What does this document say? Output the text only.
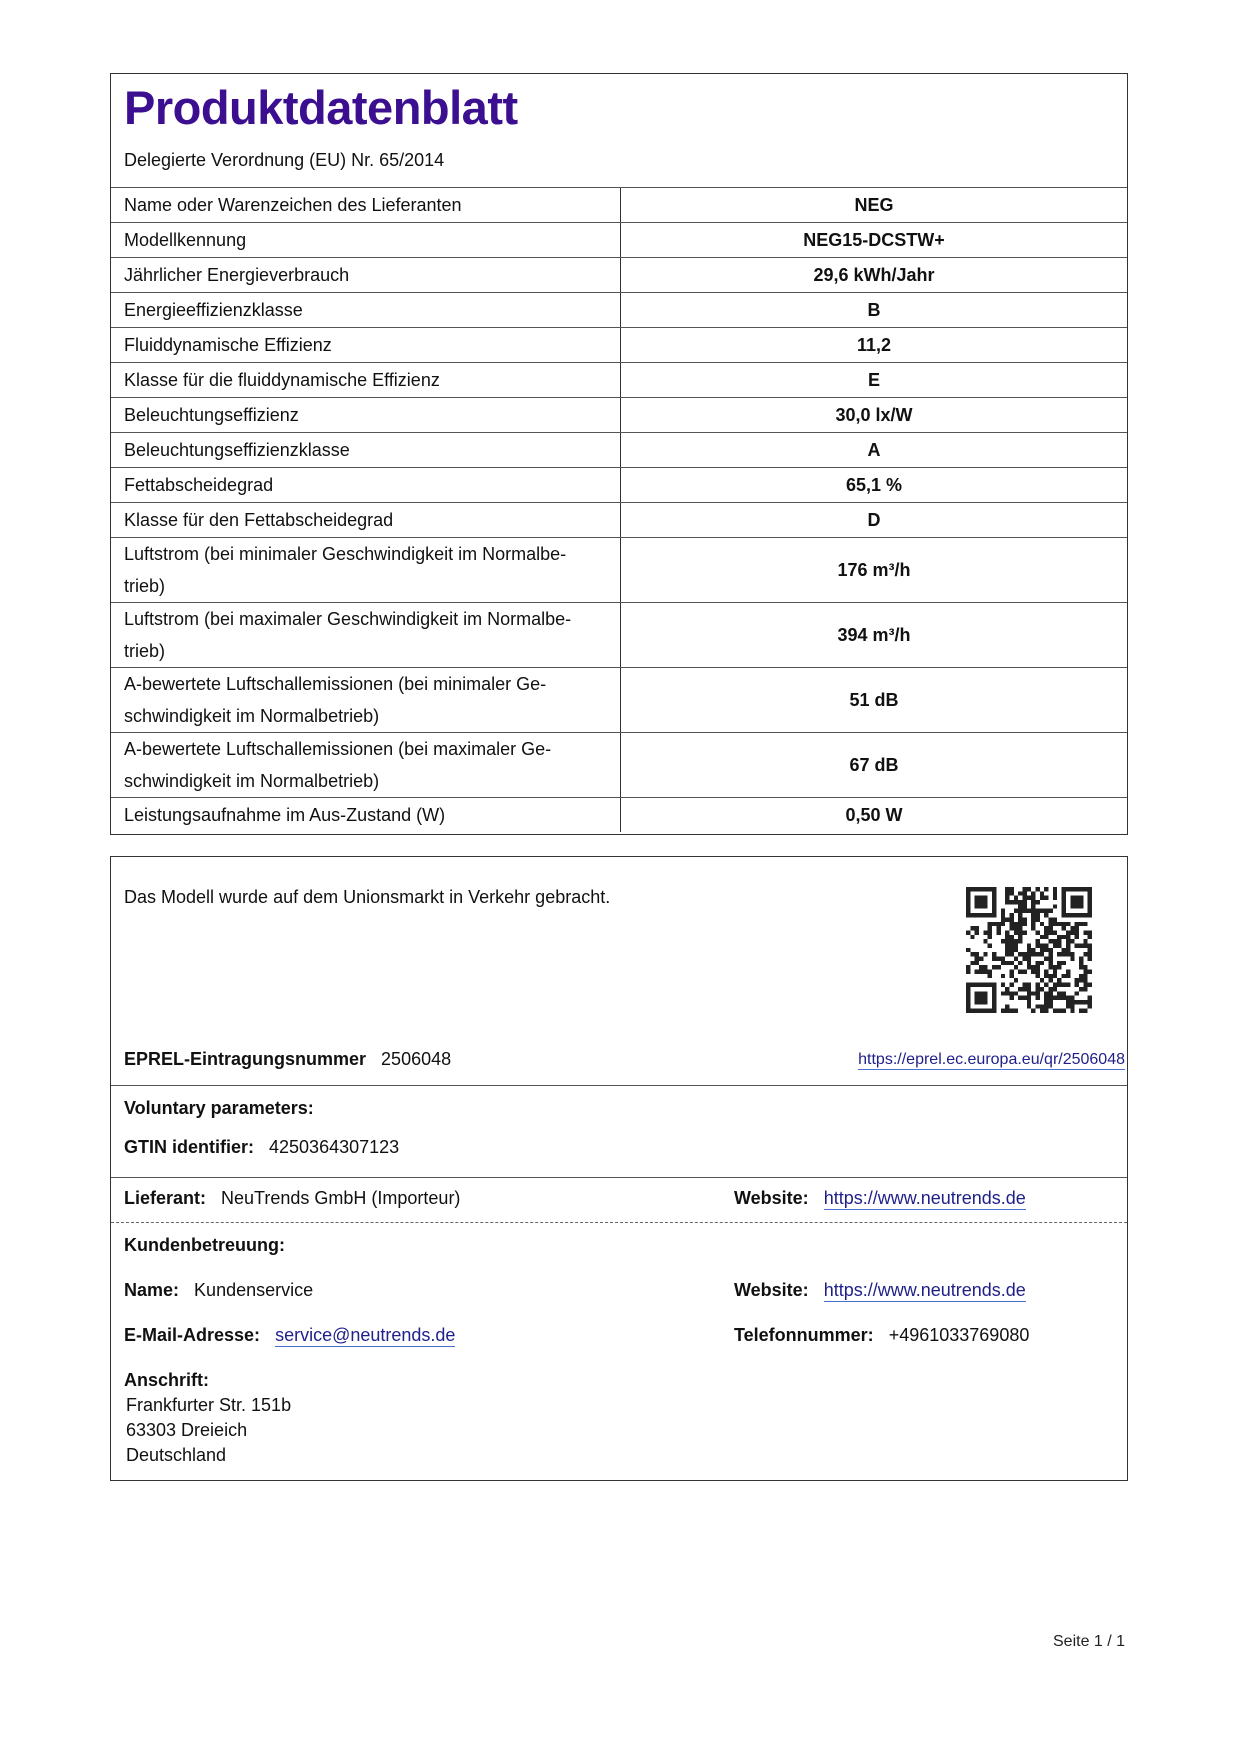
Produktdatenblatt
Delegierte Verordnung (EU) Nr. 65/2014
Name oder Warenzeichen des Lieferanten	NEG
Modellkennung	NEG15-DCSTW+
Jährlicher Energieverbrauch	29,6 kWh/Jahr
Energieeffizienzklasse	B
Fluiddynamische Effizienz	11,2
Klasse für die fluiddynamische Effizienz	E
Beleuchtungseffizienz	30,0 lx/W
Beleuchtungseffizienzklasse	A
Fettabscheidegrad	65,1 %
Klasse für den Fettabscheidegrad	D
Luftstrom (bei minimaler Geschwindigkeit im Normalbe-trieb)	176 m³/h
Luftstrom (bei maximaler Geschwindigkeit im Normalbe-trieb)	394 m³/h
A-bewertete Luftschallemissionen (bei minimaler Ge-schwindigkeit im Normalbetrieb)	51 dB
A-bewertete Luftschallemissionen (bei maximaler Ge-schwindigkeit im Normalbetrieb)	67 dB
Leistungsaufnahme im Aus-Zustand (W)	0,50 W
Das Modell wurde auf dem Unionsmarkt in Verkehr gebracht.
EPREL-Eintragungsnummer 2506048	https://eprel.ec.europa.eu/qr/2506048
Voluntary parameters:
GTIN identifier: 4250364307123
Lieferant: NeuTrends GmbH (Importeur)	Website: https://www.neutrends.de
Kundenbetreuung:
Name: Kundenservice	Website: https://www.neutrends.de
E-Mail-Adresse: service@neutrends.de	Telefonnummer: +4961033769080
Anschrift:
Frankfurter Str. 151b
63303 Dreieich
Deutschland
Seite 1 / 1
